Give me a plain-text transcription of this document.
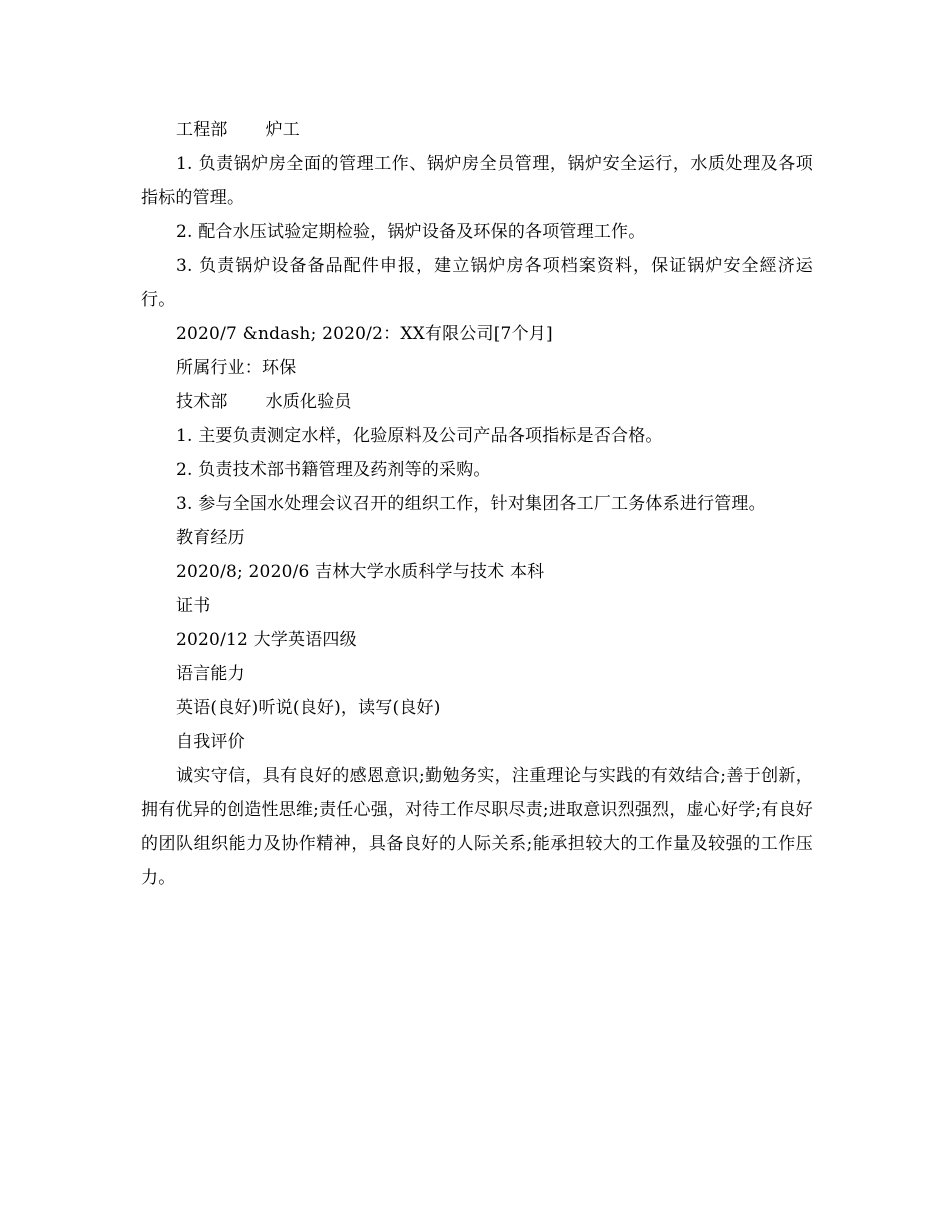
工程部 炉工

1. 负责锅炉房全面的管理工作、锅炉房全员管理，锅炉安全运行，水质处理及各项指标的管理。

2. 配合水压试验定期检验，锅炉设备及环保的各项管理工作。

3. 负责锅炉设备备品配件申报，建立锅炉房各项档案资料，保证锅炉安全經济运行。

2020/7 &ndash; 2020/2：XX有限公司[7个月]
所属行业：环保
技术部 水质化验员
1. 主要负责测定水样，化验原料及公司产品各项指标是否合格。
2. 负责技术部书籍管理及药剂等的采购。
3. 参与全国水处理会议召开的组织工作，针对集团各工厂工务体系进行管理。
教育经历
2020/8; 2020/6 吉林大学水质科学与技术 本科
证书
2020/12 大学英语四级
语言能力
英语(良好)听说(良好)，读写(良好)
自我评价

诚实守信，具有良好的感恩意识;勤勉务实，注重理论与实践的有效结合;善于创新，拥有优异的创造性思维;责任心强，对待工作尽职尽责;进取意识烈强烈，虚心好学;有良好的团队组织能力及协作精神，具备良好的人际关系;能承担较大的工作量及较强的工作压力。
